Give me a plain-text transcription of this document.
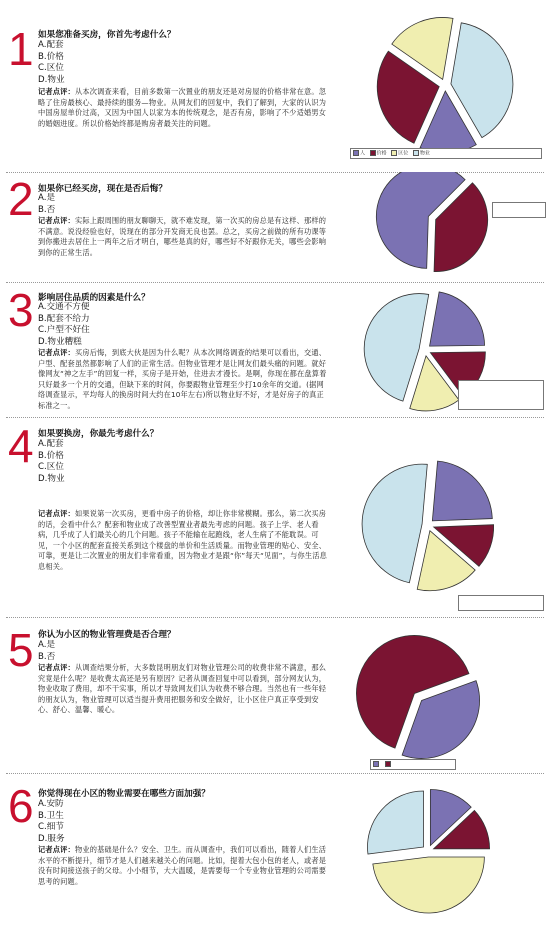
1 如果您准备买房，你首先考虑什么？
A.配套
B.价格
C.区位
D.物业
记者点评：从本次调查来看，目前多数第一次置业的朋友还是对房屋的价格非常在意。忽略了住房最核心、最持续的服务—物业。从网友们的回复中，我们了解到，大家的认识为中国房屋单价过高，又因为中国人以家为本的传统观念，是否有房，影响了不少适婚男女的婚姻进度。所以价格始终都是购房者最关注的问题。
人 价格 区位 物业
2 如果你已经买房，现在是否后悔？
A.是
B.否
记者点评：实际上跟周围的朋友聊聊天，就不难发现，第一次买的房总是有这样、那样的不满意。说没经验也好，说现在的部分开发商无良也罢。总之，买房之前做的所有功课等到你搬进去居住上一两年之后才明白，哪些是真的好，哪些好不好跟你无关，哪些会影响到你的正常生活。
3 影响居住品质的因素是什么？
A.交通不方便
B.配套不给力
C.户型不好住
D.物业糟糕
记者点评：买房后悔，到底大伙是因为什么呢？从本次网络调查的结果可以看出，交通、户型、配套虽然都影响了人们的正常生活。但物业管理才是让网友们最头痛的问题。就好像网友“神之左手”的回复一样，买房子是开始，住进去才漫长。是啊，你现在都在盘算着只好最多一个月的交通，但缺下来的时间，你要跟物业管理至少打10余年的交道。(据网络调查显示，平均每人的换房时间大约在10年左右)所以物业好不好，才是好房子的真正标准之一。
4 如果要换房，你最先考虑什么？
A.配套
B.价格
C.区位
D.物业
记者点评：如果说第一次买房，更看中房子的价格，却让你非常模糊。那么，第二次买房的话，会看中什么？配套和物业成了改善型置业者最先考虑的问题。孩子上学、老人看病，几乎成了人们最关心的几个问题。孩子不能输在起跑线，老人生病了不能耽误。可见，一个小区的配套直接关系到这个楼盘的单价和生活质量。而物业管理的贴心、安全、可靠，更是让二次置业的朋友们非常看重，因为物业才是跟“你”每天“见面”，与你生活息息相关。
5 你认为小区的物业管理费是否合理？
A.是
B.否
记者点评：从调查结果分析，大多数昆明朋友们对物业管理公司的收费非常不满意，那么究竟是什么呢？是收费太高还是另有原因？记者从调查回复中可以看到，部分网友认为，物业收取了费用，却不干实事，所以才导致网友们认为收费不够合理。当然也有一些年轻的朋友认为，物业管理可以适当提升费用把服务和安全做好，让小区住户真正享受到安心、舒心、温馨、暖心。

6 你觉得现在小区的物业需要在哪些方面加强？
A.安防
B.卫生
C.细节
D.服务
记者点评：物业的基础是什么？安全、卫生。而从调查中，我们可以看出，随着人们生活水平的不断提升，细节才是人们越来越关心的问题。比如，提着大包小包的老人，或者是没有时间接送孩子的父母。小小细节，大大温暖，是需要每一个专业物业管理的公司需要思考的问题。
